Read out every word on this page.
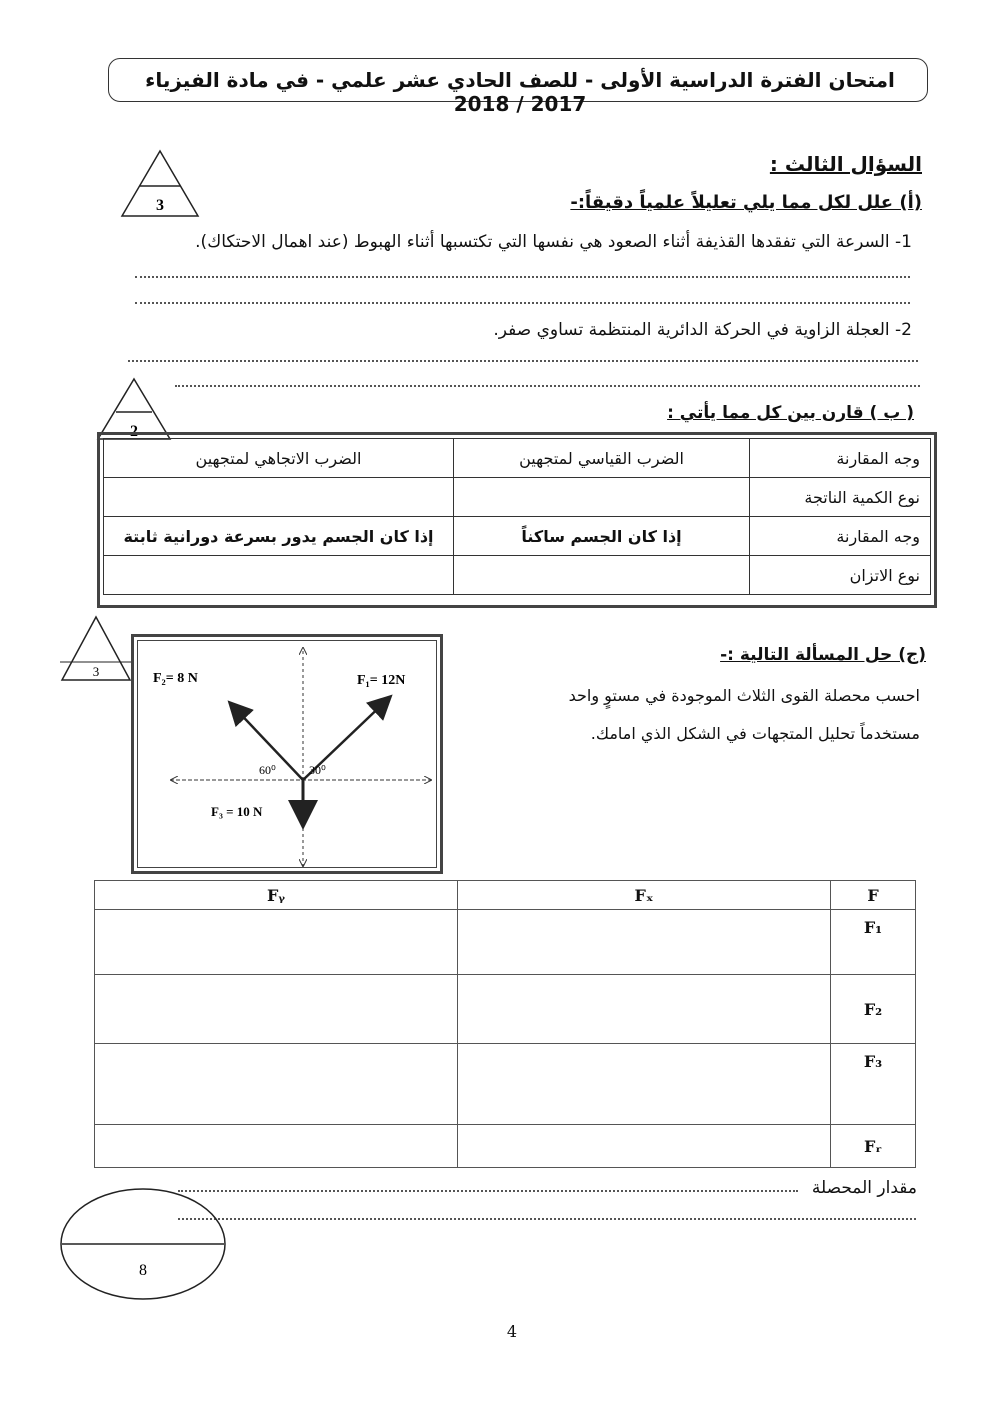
امتحان الفترة الدراسية الأولى - للصف الحادي عشر علمي - في مادة الفيزياء 2017 / 2018
السؤال الثالث :
3	(أ) علل لكل مما يلي تعليلاً علمياً دقيقاً:-
1- السرعة التي تفقدها القذيفة أثناء الصعود هي نفسها التي تكتسبها أثناء الهبوط (عند اهمال الاحتكاك).
2- العجلة الزاوية في الحركة الدائرية المنتظمة تساوي صفر.
2
( ب ) قارن بين كل مما يأتي :
وجه المقارنة	الضرب القياسي لمتجهين	الضرب الاتجاهي لمتجهين
نوع الكمية الناتجة		
وجه المقارنة	إذا كان الجسم ساكناً	إذا كان الجسم يدور بسرعة دورانية ثابتة
نوع الاتزان		
3
F₁= 12N
F₂= 8 N
F₃ = 10 N
30⁰
60⁰
(ج) حل المسألة التالية :-
احسب محصلة القوى الثلاث الموجودة في مستوٍ واحد
مستخدماً تحليل المتجهات في الشكل الذي امامك.
Fᵧ	Fₓ	F
		F₁
		F₂
		F₃
		Fᵣ
مقدار المحصلة
8
4
